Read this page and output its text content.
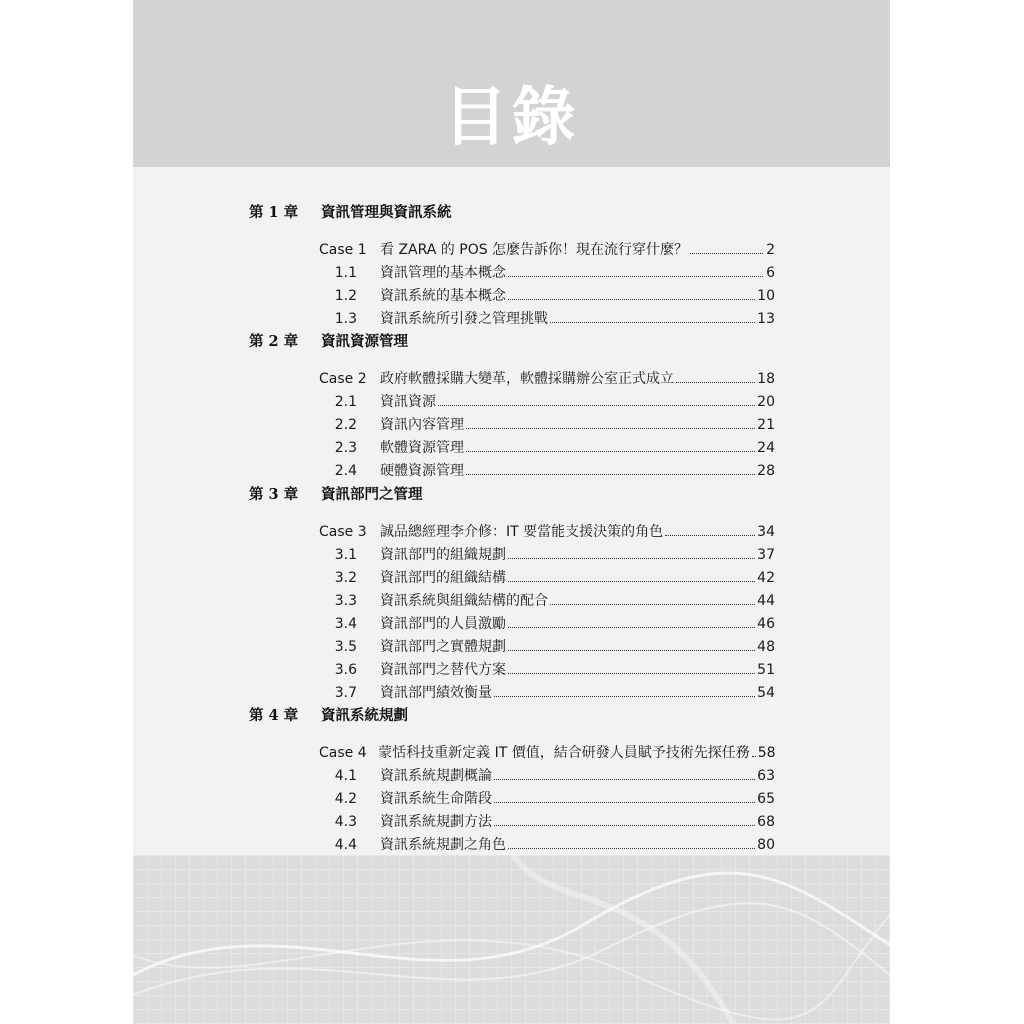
目錄
第 1 章 資訊管理與資訊系統
Case 1 看 ZARA 的 POS 怎麼告訴你！現在流行穿什麼？	2
1.1 資訊管理的基本概念	6
1.2 資訊系統的基本概念	10
1.3 資訊系統所引發之管理挑戰	13
第 2 章 資訊資源管理
Case 2 政府軟體採購大變革，軟體採購辦公室正式成立	18
2.1 資訊資源	20
2.2 資訊內容管理	21
2.3 軟體資源管理	24
2.4 硬體資源管理	28
第 3 章 資訊部門之管理
Case 3 誠品總經理李介修：IT 要當能支援決策的角色	34
3.1 資訊部門的組織規劃	37
3.2 資訊部門的組織結構	42
3.3 資訊系統與組織結構的配合	44
3.4 資訊部門的人員激勵	46
3.5 資訊部門之實體規劃	48
3.6 資訊部門之替代方案	51
3.7 資訊部門績效衡量	54
第 4 章 資訊系統規劃
Case 4 蒙恬科技重新定義 IT 價值，結合研發人員賦予技術先探任務 58
4.1 資訊系統規劃概論	63
4.2 資訊系統生命階段	65
4.3 資訊系統規劃方法	68
4.4 資訊系統規劃之角色	80
